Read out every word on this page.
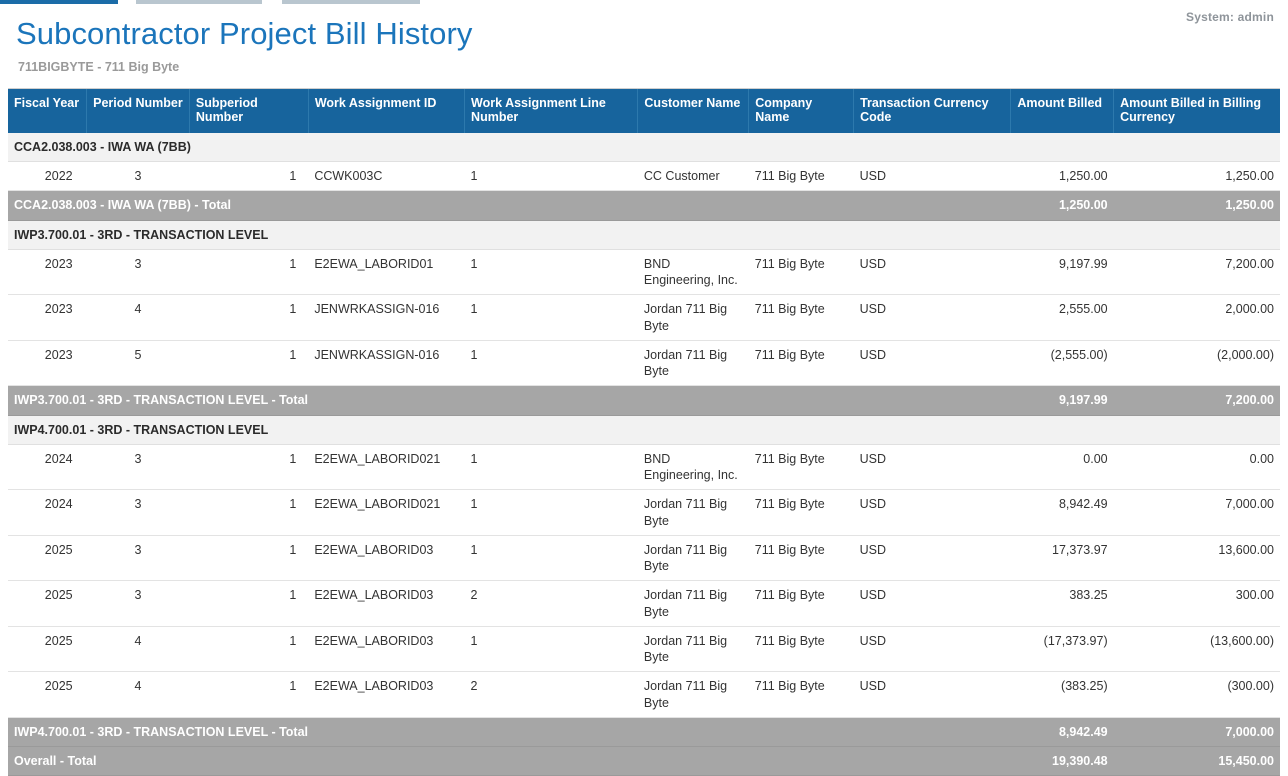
System: admin
Subcontractor Project Bill History
711BIGBYTE - 711 Big Byte
Fiscal Year	Period Number	Subperiod Number	Work Assignment ID	Work Assignment Line Number	Customer Name	Company Name	Transaction Currency Code	Amount Billed	Amount Billed in Billing Currency
CCA2.038.003 - IWA WA (7BB)									
2022	3	1	CCWK003C	1	CC Customer	711 Big Byte	USD	1,250.00	1,250.00
CCA2.038.003 - IWA WA (7BB) - Total								1,250.00	1,250.00
IWP3.700.01 - 3RD - TRANSACTION LEVEL									
2023	3	1	E2EWA_LABORID01	1	BND Engineering, Inc.	711 Big Byte	USD	9,197.99	7,200.00
2023	4	1	JENWRKASSIGN-016	1	Jordan 711 Big Byte	711 Big Byte	USD	2,555.00	2,000.00
2023	5	1	JENWRKASSIGN-016	1	Jordan 711 Big Byte	711 Big Byte	USD	(2,555.00)	(2,000.00)
IWP3.700.01 - 3RD - TRANSACTION LEVEL - Total								9,197.99	7,200.00
IWP4.700.01 - 3RD - TRANSACTION LEVEL									
2024	3	1	E2EWA_LABORID021	1	BND Engineering, Inc.	711 Big Byte	USD	0.00	0.00
2024	3	1	E2EWA_LABORID021	1	Jordan 711 Big Byte	711 Big Byte	USD	8,942.49	7,000.00
2025	3	1	E2EWA_LABORID03	1	Jordan 711 Big Byte	711 Big Byte	USD	17,373.97	13,600.00
2025	3	1	E2EWA_LABORID03	2	Jordan 711 Big Byte	711 Big Byte	USD	383.25	300.00
2025	4	1	E2EWA_LABORID03	1	Jordan 711 Big Byte	711 Big Byte	USD	(17,373.97)	(13,600.00)
2025	4	1	E2EWA_LABORID03	2	Jordan 711 Big Byte	711 Big Byte	USD	(383.25)	(300.00)
IWP4.700.01 - 3RD - TRANSACTION LEVEL - Total								8,942.49	7,000.00
Overall - Total								19,390.48	15,450.00
